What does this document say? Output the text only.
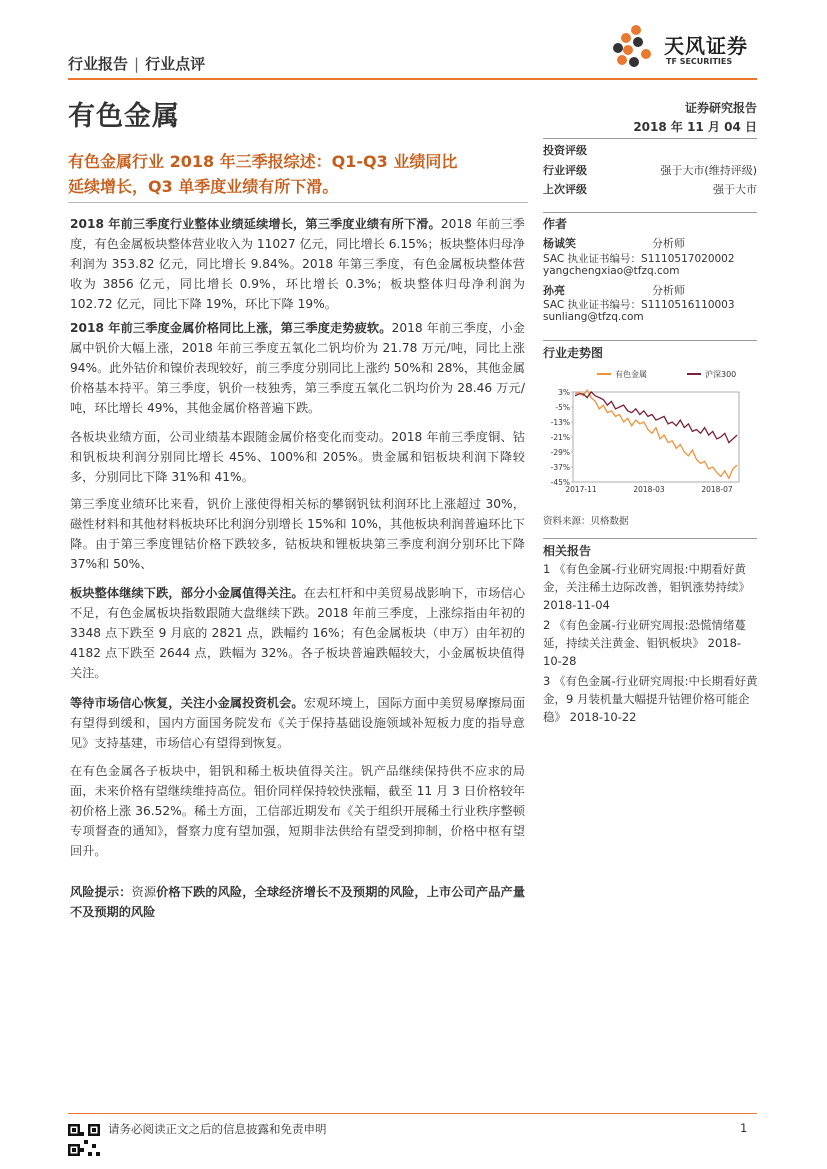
行业报告 | 行业点评
天风证券
TF SECURITIES
有色金属	证券研究报告
2018 年 11 月 04 日
有色金属行业 2018 年三季报综述：Q1-Q3 业绩同比
延续增长，Q3 单季度业绩有所下滑。
投资评级
行业评级	强于大市(维持评级)
上次评级	强于大市
作者
杨诚笑	分析师
SAC 执业证书编号：S1110517020002
yangchengxiao@tfzq.com
孙亮	分析师
SAC 执业证书编号：S1110516110003
sunliang@tfzq.com
行业走势图
有色金属	沪深300
3%
-5%
-13%
-21%
-29%
-37%
-45%
2017-11	2018-03	2018-07
资料来源：贝格数据
相关报告
1 《有色金属-行业研究周报:中期看好黄金，关注稀土边际改善，钼钒涨势持续》 2018-11-04
2 《有色金属-行业研究周报:恐慌情绪蔓延，持续关注黄金、钼钒板块》 2018-10-28
3 《有色金属-行业研究周报:中长期看好黄金，9 月装机量大幅提升钴锂价格可能企稳》 2018-10-22
2018 年前三季度行业整体业绩延续增长，第三季度业绩有所下滑。2018 年前三季度，有色金属板块整体营业收入为 11027 亿元，同比增长 6.15%；板块整体归母净利润为 353.82 亿元，同比增长 9.84%。2018 年第三季度，有色金属板块整体营收为 3856 亿元，同比增长 0.9%，环比增长 0.3%；板块整体归母净利润为 102.72 亿元，同比下降 19%，环比下降 19%。
2018 年前三季度金属价格同比上涨，第三季度走势疲软。2018 年前三季度，小金属中钒价大幅上涨，2018 年前三季度五氧化二钒均价为 21.78 万元/吨，同比上涨 94%。此外钴价和镍价表现较好，前三季度分别同比上涨约 50%和 28%，其他金属价格基本持平。第三季度，钒价一枝独秀，第三季度五氧化二钒均价为 28.46 万元/吨，环比增长 49%，其他金属价格普遍下跌。
各板块业绩方面，公司业绩基本跟随金属价格变化而变动。2018 年前三季度铜、钴和钒板块利润分别同比增长 45%、100%和 205%。贵金属和铝板块利润下降较多，分别同比下降 31%和 41%。
第三季度业绩环比来看，钒价上涨使得相关标的攀钢钒钛利润环比上涨超过 30%，磁性材料和其他材料板块环比利润分别增长 15%和 10%，其他板块利润普遍环比下降。由于第三季度锂钴价格下跌较多，钴板块和锂板块第三季度利润分别环比下降 37%和 50%、
板块整体继续下跌，部分小金属值得关注。在去杠杆和中美贸易战影响下，市场信心不足，有色金属板块指数跟随大盘继续下跌。2018 年前三季度，上涨综指由年初的 3348 点下跌至 9 月底的 2821 点，跌幅约 16%；有色金属板块（申万）由年初的 4182 点下跌至 2644 点，跌幅为 32%。各子板块普遍跌幅较大，小金属板块值得关注。
等待市场信心恢复，关注小金属投资机会。宏观环境上，国际方面中美贸易摩擦局面有望得到缓和，国内方面国务院发布《关于保持基础设施领域补短板力度的指导意见》支持基建，市场信心有望得到恢复。
在有色金属各子板块中，钼钒和稀土板块值得关注。钒产品继续保持供不应求的局面，未来价格有望继续维持高位。钼价同样保持较快涨幅，截至 11 月 3 日价格较年初价格上涨 36.52%。稀土方面，工信部近期发布《关于组织开展稀土行业秩序整顿专项督查的通知》，督察力度有望加强，短期非法供给有望受到抑制，价格中枢有望回升。
风险提示：资源价格下跌的风险，全球经济增长不及预期的风险，上市公司产品产量不及预期的风险
请务必阅读正文之后的信息披露和免责申明	1
